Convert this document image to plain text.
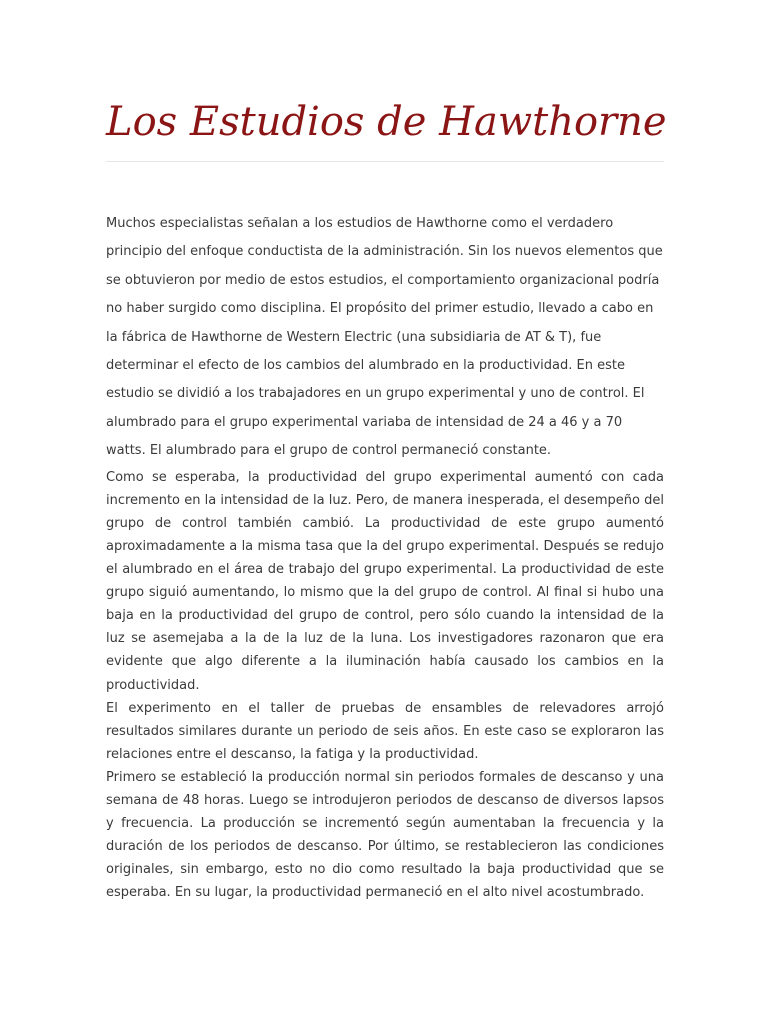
Los Estudios de Hawthorne

Muchos especialistas señalan a los estudios de Hawthorne como el verdadero principio del enfoque conductista de la administración. Sin los nuevos elementos que se obtuvieron por medio de estos estudios, el comportamiento organizacional podría no haber surgido como disciplina. El propósito del primer estudio, llevado a cabo en la fábrica de Hawthorne de Western Electric (una subsidiaria de AT & T), fue determinar el efecto de los cambios del alumbrado en la productividad. En este estudio se dividió a los trabajadores en un grupo experimental y uno de control. El alumbrado para el grupo experimental variaba de intensidad de 24 a 46 y a 70 watts. El alumbrado para el grupo de control permaneció constante.

Como se esperaba, la productividad del grupo experimental aumentó con cada incremento en la intensidad de la luz. Pero, de manera inesperada, el desempeño del grupo de control también cambió. La productividad de este grupo aumentó aproximadamente a la misma tasa que la del grupo experimental. Después se redujo el alumbrado en el área de trabajo del grupo experimental. La productividad de este grupo siguió aumentando, lo mismo que la del grupo de control. Al final si hubo una baja en la productividad del grupo de control, pero sólo cuando la intensidad de la luz se asemejaba a la de la luz de la luna. Los investigadores razonaron que era evidente que algo diferente a la iluminación había causado los cambios en la productividad.

El experimento en el taller de pruebas de ensambles de relevadores arrojó resultados similares durante un periodo de seis años. En este caso se exploraron las relaciones entre el descanso, la fatiga y la productividad.

Primero se estableció la producción normal sin periodos formales de descanso y una semana de 48 horas. Luego se introdujeron periodos de descanso de diversos lapsos y frecuencia. La producción se incrementó según aumentaban la frecuencia y la duración de los periodos de descanso. Por último, se restablecieron las condiciones originales, sin embargo, esto no dio como resultado la baja productividad que se esperaba. En su lugar, la productividad permaneció en el alto nivel acostumbrado.
